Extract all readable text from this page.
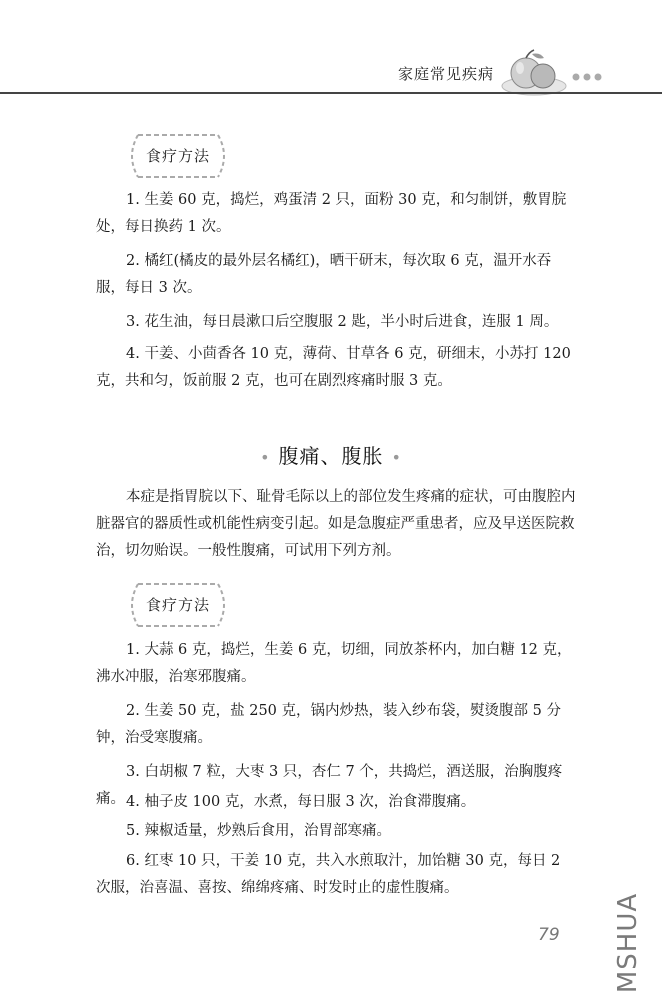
家庭常见疾病
食疗方法
1. 生姜 60 克，捣烂，鸡蛋清 2 只，面粉 30 克，和匀制饼，敷胃脘处，每日换药 1 次。
2. 橘红(橘皮的最外层名橘红)，晒干研末，每次取 6 克，温开水吞服，每日 3 次。
3. 花生油，每日晨漱口后空腹服 2 匙，半小时后进食，连服 1 周。
4. 干姜、小茴香各 10 克，薄荷、甘草各 6 克，研细末，小苏打 120 克，共和匀，饭前服 2 克，也可在剧烈疼痛时服 3 克。
• 腹痛、腹胀 •
本症是指胃脘以下、耻骨毛际以上的部位发生疼痛的症状，可由腹腔内脏器官的器质性或机能性病变引起。如是急腹症严重患者，应及早送医院救治，切勿贻误。一般性腹痛，可试用下列方剂。
食疗方法
1. 大蒜 6 克，捣烂，生姜 6 克，切细，同放茶杯内，加白糖 12 克，沸水冲服，治寒邪腹痛。
2. 生姜 50 克，盐 250 克，锅内炒热，装入纱布袋，熨烫腹部 5 分钟，治受寒腹痛。
3. 白胡椒 7 粒，大枣 3 只，杏仁 7 个，共捣烂，酒送服，治胸腹疼痛。 4. 柚子皮 100 克，水煮，每日服 3 次，治食滞腹痛。
5. 辣椒适量，炒熟后食用，治胃部寒痛。
6. 红枣 10 只，干姜 10 克，共入水煎取汁，加饴糖 30 克，每日 2 次服，治喜温、喜按、绵绵疼痛、时发时止的虚性腹痛。
79 MSHUA
